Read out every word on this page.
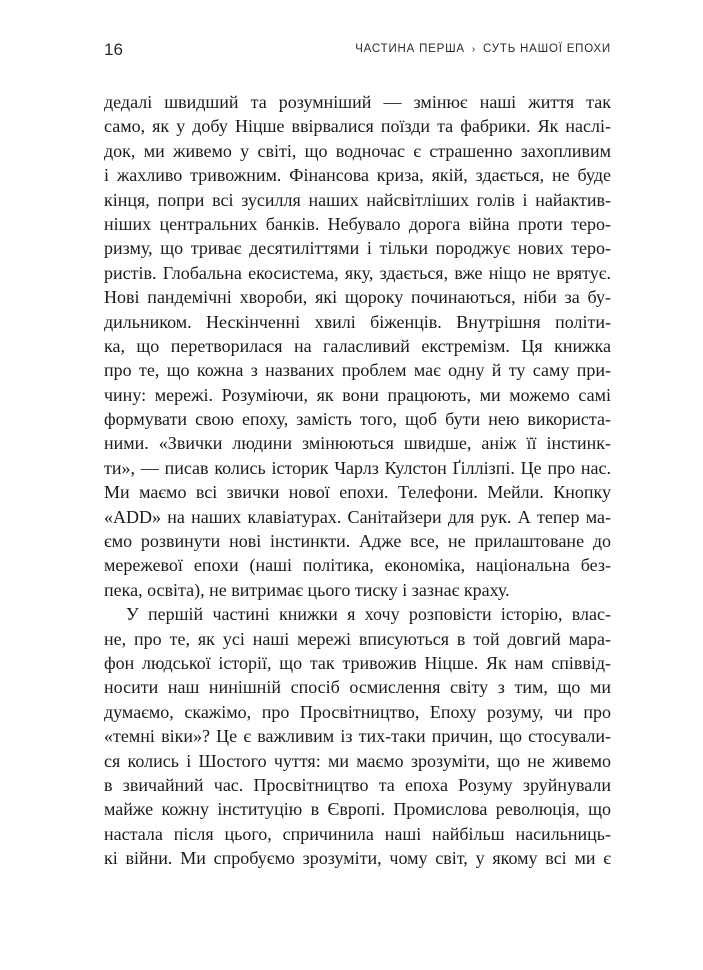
16	ЧАСТИНА ПЕРША › СУТЬ НАШОЇ ЕПОХИ
дедалі швидший та розумніший — змінює наші життя так
само, як у добу Ніцше ввірвалися поїзди та фабрики. Як наслі-
док, ми живемо у світі, що водночас є страшенно захопливим
і жахливо тривожним. Фінансова криза, якій, здається, не буде
кінця, попри всі зусилля наших найсвітліших голів і найактив-
ніших центральних банків. Небувало дорога війна проти теро-
ризму, що триває десятиліттями і тільки породжує нових теро-
ристів. Глобальна екосистема, яку, здається, вже ніщо не врятує.
Нові пандемічні хвороби, які щороку починаються, ніби за бу-
дильником. Нескінченні хвилі біженців. Внутрішня політи-
ка, що перетворилася на галасливий екстремізм. Ця книжка
про те, що кожна з названих проблем має одну й ту саму при-
чину: мережі. Розуміючи, як вони працюють, ми можемо самі
формувати свою епоху, замість того, щоб бути нею використа-
ними. «Звички людини змінюються швидше, аніж її інстинк-
ти», — писав колись історик Чарлз Кулстон Ґіллізпі. Це про нас.
Ми маємо всі звички нової епохи. Телефони. Мейли. Кнопку
«ADD» на наших клавіатурах. Санітайзери для рук. А тепер ма-
ємо розвинути нові інстинкти. Адже все, не прилаштоване до
мережевої епохи (наші політика, економіка, національна без-
пека, освіта), не витримає цього тиску і зазнає краху.
У першій частині книжки я хочу розповісти історію, влас-
не, про те, як усі наші мережі вписуються в той довгий мара-
фон людської історії, що так тривожив Ніцше. Як нам співвід-
носити наш нинішній спосіб осмислення світу з тим, що ми
думаємо, скажімо, про Просвітництво, Епоху розуму, чи про
«темні віки»? Це є важливим із тих-таки причин, що стосували-
ся колись і Шостого чуття: ми маємо зрозуміти, що не живемо
в звичайний час. Просвітництво та епоха Розуму зруйнували
майже кожну інституцію в Європі. Промислова революція, що
настала після цього, спричинила наші найбільш насильниць-
кі війни. Ми спробуємо зрозуміти, чому світ, у якому всі ми є
